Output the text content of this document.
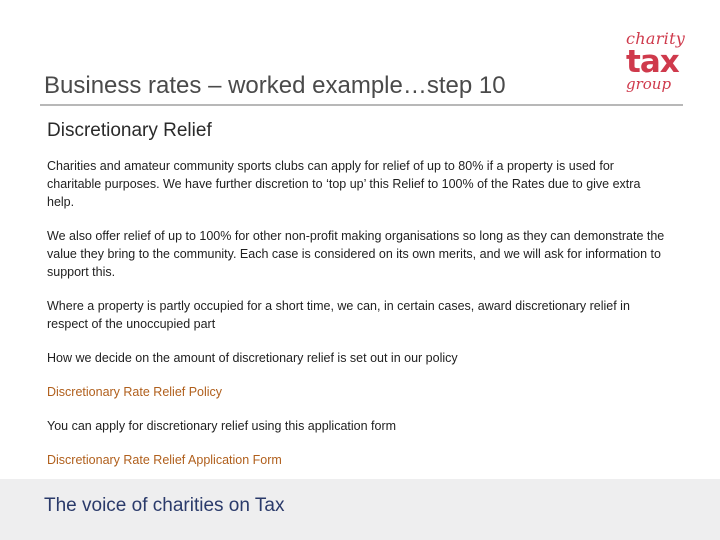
Business rates – worked example…step 10
charity
tax
group
Discretionary Relief

Charities and amateur community sports clubs can apply for relief of up to 80% if a property is used for charitable purposes. We have further discretion to ‘top up’ this Relief to 100% of the Rates due to give extra help.

We also offer relief of up to 100% for other non-profit making organisations so long as they can demonstrate the value they bring to the community. Each case is considered on its own merits, and we will ask for information to support this.

Where a property is partly occupied for a short time, we can, in certain cases, award discretionary relief in respect of the unoccupied part

How we decide on the amount of discretionary relief is set out in our policy

Discretionary Rate Relief Policy

You can apply for discretionary relief using this application form

Discretionary Rate Relief Application Form

The voice of charities on Tax
